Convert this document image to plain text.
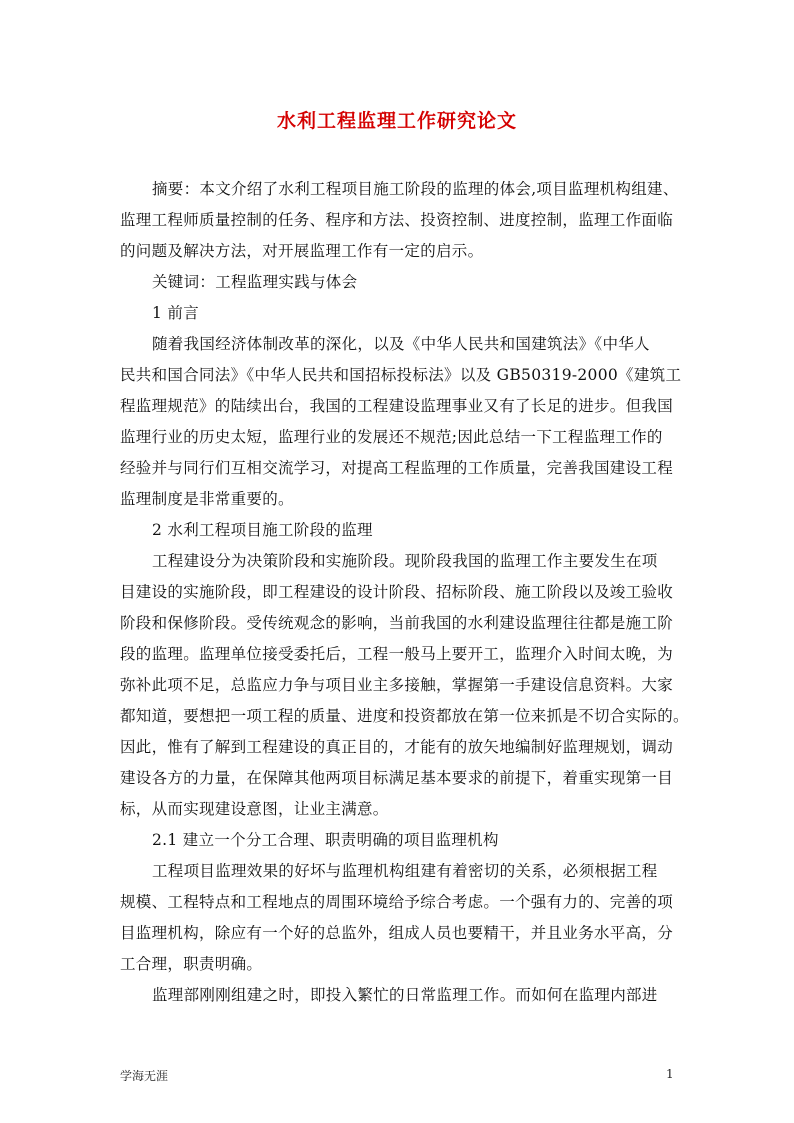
水利工程监理工作研究论文

摘要：本文介绍了水利工程项目施工阶段的监理的体会,项目监理机构组建、
监理工程师质量控制的任务、程序和方法、投资控制、进度控制，监理工作面临
的问题及解决方法，对开展监理工作有一定的启示。

关键词：工程监理实践与体会

1 前言

随着我国经济体制改革的深化，以及《中华人民共和国建筑法》《中华人
民共和国合同法》《中华人民共和国招标投标法》以及 GB50319-2000《建筑工
程监理规范》的陆续出台，我国的工程建设监理事业又有了长足的进步。但我国
监理行业的历史太短，监理行业的发展还不规范;因此总结一下工程监理工作的
经验并与同行们互相交流学习，对提高工程监理的工作质量，完善我国建设工程
监理制度是非常重要的。

2 水利工程项目施工阶段的监理

工程建设分为决策阶段和实施阶段。现阶段我国的监理工作主要发生在项
目建设的实施阶段，即工程建设的设计阶段、招标阶段、施工阶段以及竣工验收
阶段和保修阶段。受传统观念的影响，当前我国的水利建设监理往往都是施工阶
段的监理。监理单位接受委托后，工程一般马上要开工，监理介入时间太晚，为
弥补此项不足，总监应力争与项目业主多接触，掌握第一手建设信息资料。大家
都知道，要想把一项工程的质量、进度和投资都放在第一位来抓是不切合实际的。
因此，惟有了解到工程建设的真正目的，才能有的放矢地编制好监理规划，调动
建设各方的力量，在保障其他两项目标满足基本要求的前提下，着重实现第一目
标，从而实现建设意图，让业主满意。

2.1 建立一个分工合理、职责明确的项目监理机构

工程项目监理效果的好坏与监理机构组建有着密切的关系，必须根据工程
规模、工程特点和工程地点的周围环境给予综合考虑。一个强有力的、完善的项
目监理机构，除应有一个好的总监外，组成人员也要精干，并且业务水平高，分
工合理，职责明确。

监理部刚刚组建之时，即投入繁忙的日常监理工作。而如何在监理内部进

学海无涯	1
